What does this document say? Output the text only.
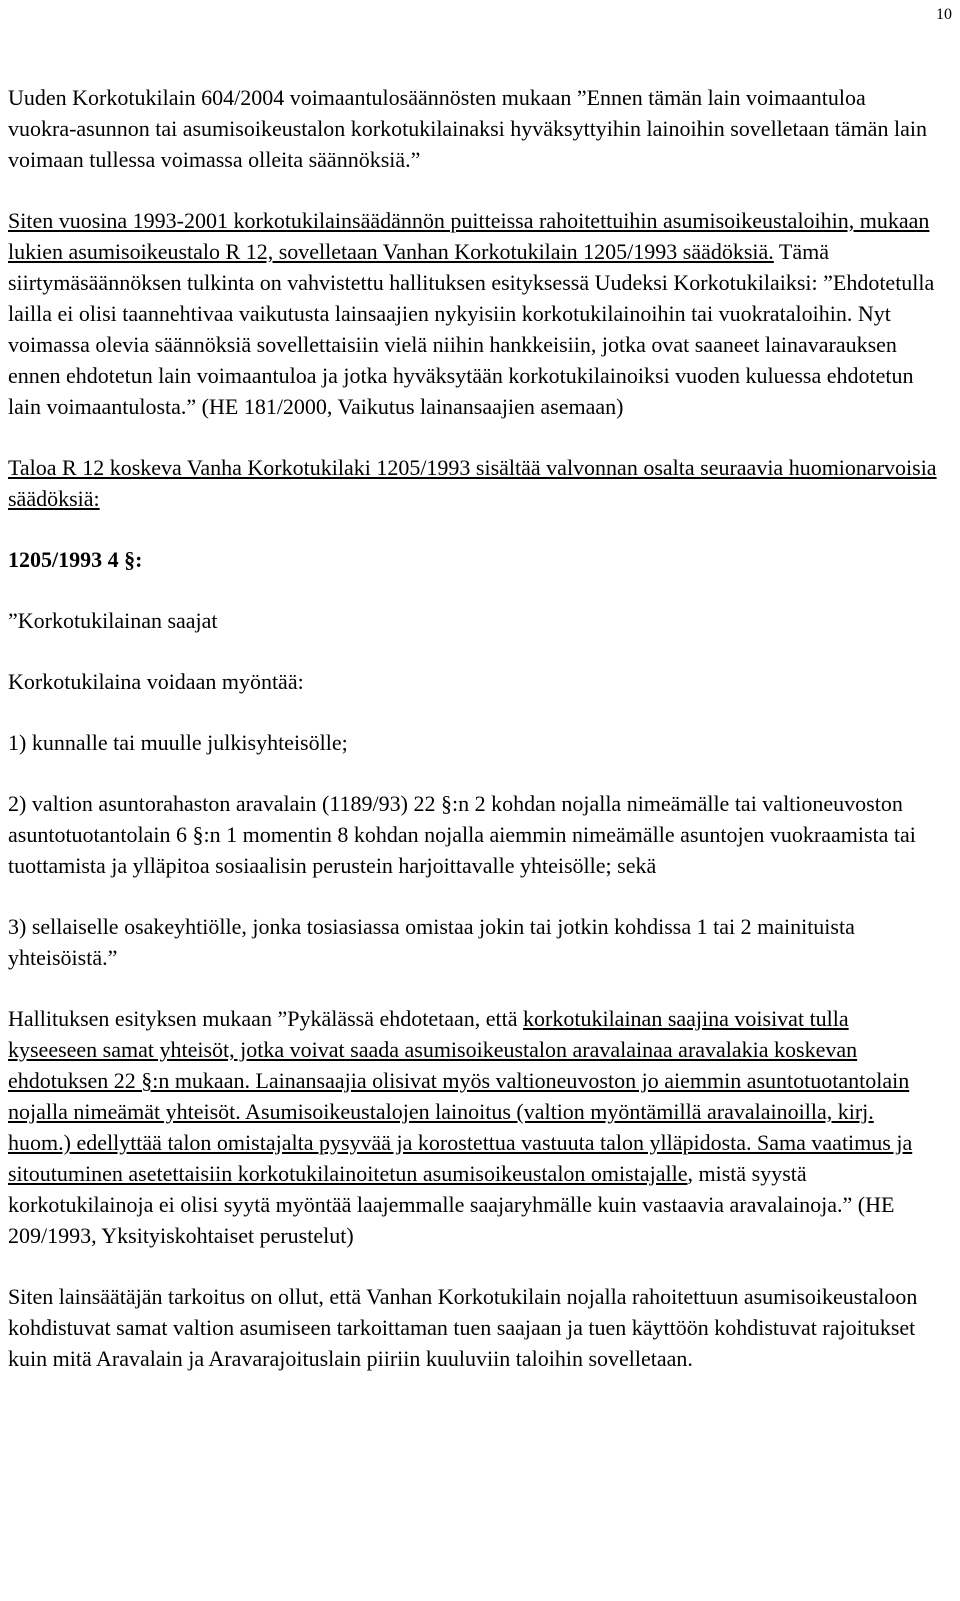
10

Uuden Korkotukilain 604/2004 voimaantulosäännösten mukaan ”Ennen tämän lain voimaantuloa vuokra-asunnon tai asumisoikeustalon korkotukilainaksi hyväksyttyihin lainoihin sovelletaan tämän lain voimaan tullessa voimassa olleita säännöksiä.”

Siten vuosina 1993-2001 korkotukilainsäädännön puitteissa rahoitettuihin asumisoikeustaloihin, mukaan lukien asumisoikeustalo R 12, sovelletaan Vanhan Korkotukilain 1205/1993 säädöksiä. Tämä siirtymäsäännöksen tulkinta on vahvistettu hallituksen esityksessä Uudeksi Korkotukilaiksi: ”Ehdotetulla lailla ei olisi taannehtivaa vaikutusta lainsaajien nykyisiin korkotukilainoihin tai vuokrataloihin. Nyt voimassa olevia säännöksiä sovellettaisiin vielä niihin hankkeisiin, jotka ovat saaneet lainavarauksen ennen ehdotetun lain voimaantuloa ja jotka hyväksytään korkotukilainoiksi vuoden kuluessa ehdotetun lain voimaantulosta.” (HE 181/2000, Vaikutus lainansaajien asemaan)

Taloa R 12 koskeva Vanha Korkotukilaki 1205/1993 sisältää valvonnan osalta seuraavia huomionarvoisia säädöksiä:

1205/1993 4 §:

”Korkotukilainan saajat

Korkotukilaina voidaan myöntää:

1) kunnalle tai muulle julkisyhteisölle;

2) valtion asuntorahaston aravalain (1189/93) 22 §:n 2 kohdan nojalla nimeämälle tai valtioneuvoston asuntotuotantolain 6 §:n 1 momentin 8 kohdan nojalla aiemmin nimeämälle asuntojen vuokraamista tai tuottamista ja ylläpitoa sosiaalisin perustein harjoittavalle yhteisölle; sekä

3) sellaiselle osakeyhtiölle, jonka tosiasiassa omistaa jokin tai jotkin kohdissa 1 tai 2 mainituista yhteisöistä.”

Hallituksen esityksen mukaan ”Pykälässä ehdotetaan, että korkotukilainan saajina voisivat tulla kyseeseen samat yhteisöt, jotka voivat saada asumisoikeustalon aravalainaa aravalakia koskevan ehdotuksen 22 §:n mukaan. Lainansaajia olisivat myös valtioneuvoston jo aiemmin asuntotuotantolain nojalla nimeämät yhteisöt. Asumisoikeustalojen lainoitus (valtion myöntämillä aravalainoilla, kirj. huom.) edellyttää talon omistajalta pysyvää ja korostettua vastuuta talon ylläpidosta. Sama vaatimus ja sitoutuminen asetettaisiin korkotukilainoitetun asumisoikeustalon omistajalle, mistä syystä korkotukilainoja ei olisi syytä myöntää laajemmalle saajaryhmälle kuin vastaavia aravalainoja.” (HE 209/1993, Yksityiskohtaiset perustelut)

Siten lainsäätäjän tarkoitus on ollut, että Vanhan Korkotukilain nojalla rahoitettuun asumisoikeustaloon kohdistuvat samat valtion asumiseen tarkoittaman tuen saajaan ja tuen käyttöön kohdistuvat rajoitukset kuin mitä Aravalain ja Aravarajoituslain piiriin kuuluviin taloihin sovelletaan.
